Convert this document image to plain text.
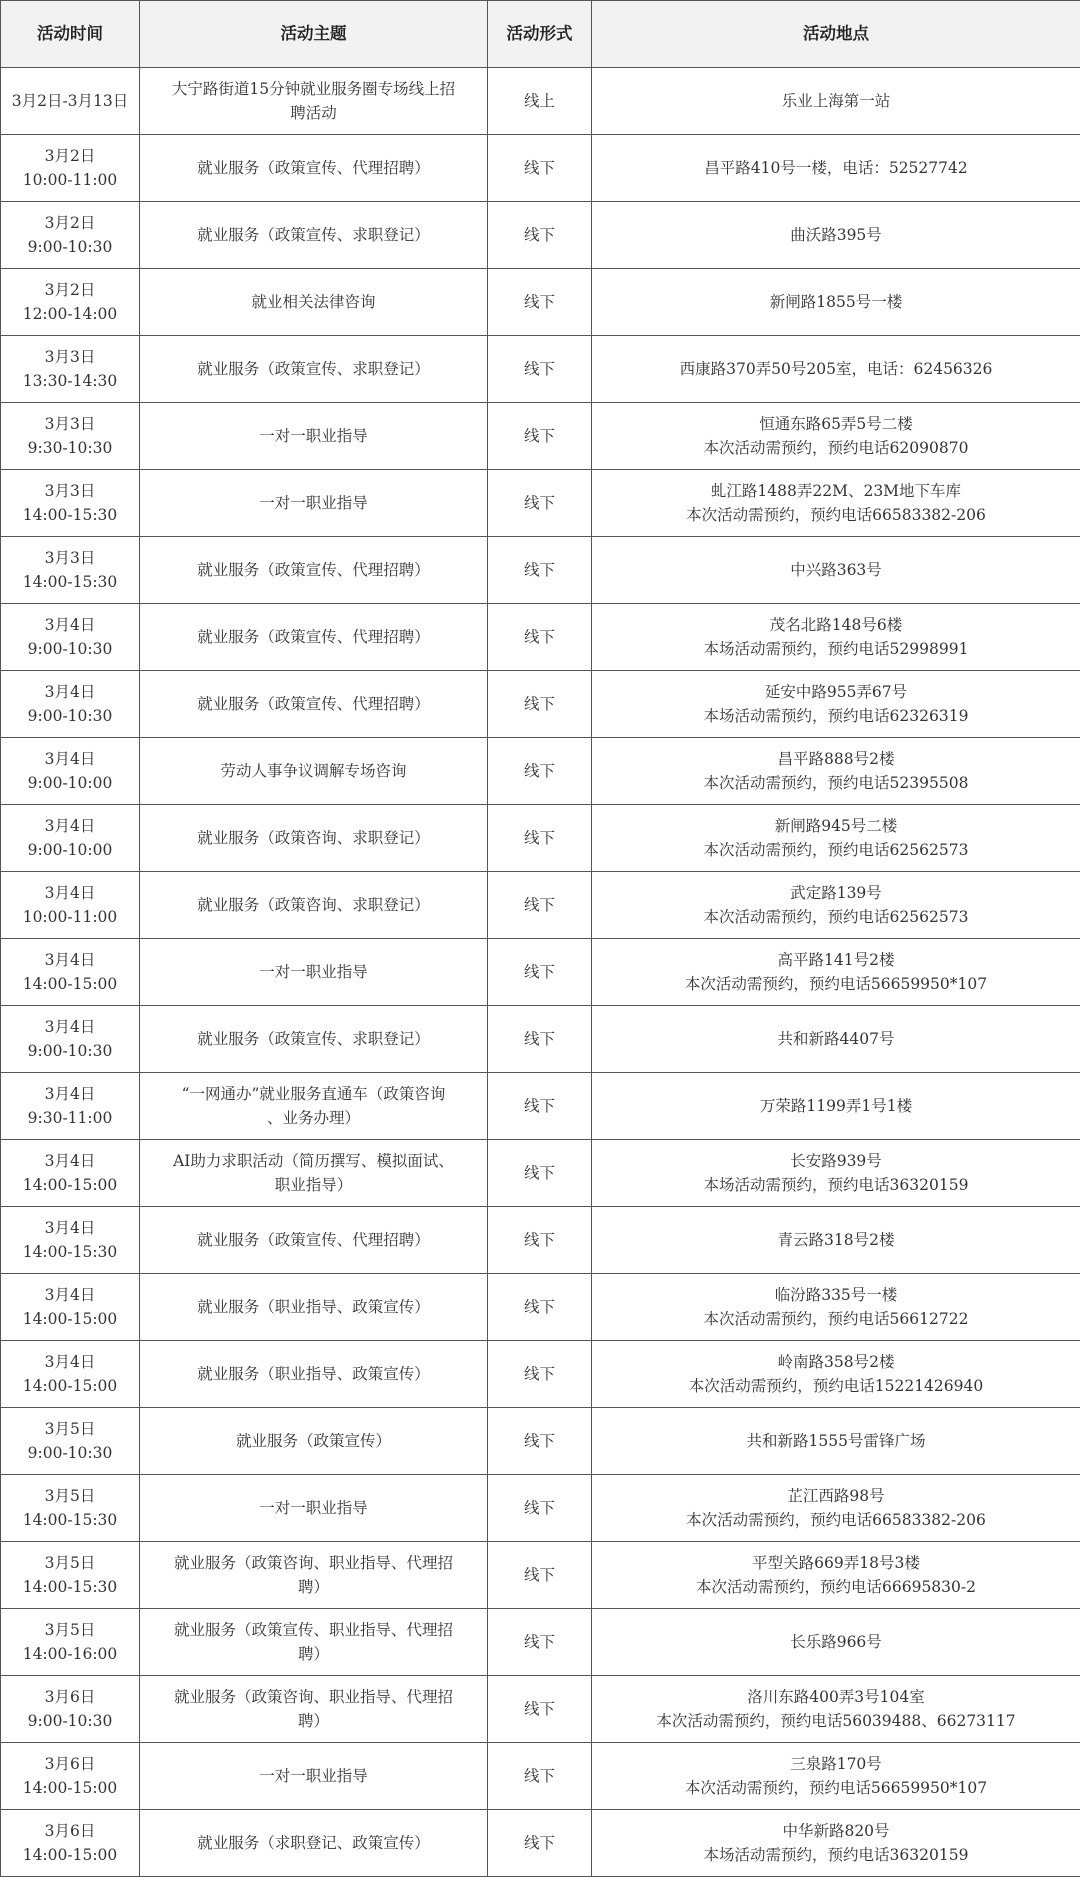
活动时间	活动主题	活动形式	活动地点

3月2日-3月13日	大宁路街道15分钟就业服务圈专场线上招
聘活动	线上	乐业上海第一站

3月2日
10:00-11:00	就业服务（政策宣传、代理招聘）	线下	昌平路410号一楼，电话：52527742

3月2日
9:00-10:30	就业服务（政策宣传、求职登记）	线下	曲沃路395号

3月2日
12:00-14:00	就业相关法律咨询	线下	新闸路1855号一楼

3月3日
13:30-14:30	就业服务（政策宣传、求职登记）	线下	西康路370弄50号205室，电话：62456326

3月3日
9:30-10:30	一对一职业指导	线下	恒通东路65弄5号二楼
本次活动需预约，预约电话62090870

3月3日
14:00-15:30	一对一职业指导	线下	虬江路1488弄22M、23M地下车库
本次活动需预约，预约电话66583382-206

3月3日
14:00-15:30	就业服务（政策宣传、代理招聘）	线下	中兴路363号

3月4日
9:00-10:30	就业服务（政策宣传、代理招聘）	线下	茂名北路148号6楼
本场活动需预约，预约电话52998991

3月4日
9:00-10:30	就业服务（政策宣传、代理招聘）	线下	延安中路955弄67号
本场活动需预约，预约电话62326319

3月4日
9:00-10:00	劳动人事争议调解专场咨询	线下	昌平路888号2楼
本次活动需预约，预约电话52395508

3月4日
9:00-10:00	就业服务（政策咨询、求职登记）	线下	新闸路945号二楼
本次活动需预约，预约电话62562573

3月4日
10:00-11:00	就业服务（政策咨询、求职登记）	线下	武定路139号
本次活动需预约，预约电话62562573

3月4日
14:00-15:00	一对一职业指导	线下	高平路141号2楼
本次活动需预约，预约电话56659950*107

3月4日
9:00-10:30	就业服务（政策宣传、求职登记）	线下	共和新路4407号

3月4日
9:30-11:00	“一网通办”就业服务直通车（政策咨询
、业务办理）	线下	万荣路1199弄1号1楼

3月4日
14:00-15:00	AI助力求职活动（简历撰写、模拟面试、
职业指导）	线下	长安路939号
本场活动需预约，预约电话36320159

3月4日
14:00-15:30	就业服务（政策宣传、代理招聘）	线下	青云路318号2楼

3月4日
14:00-15:00	就业服务（职业指导、政策宣传）	线下	临汾路335号一楼
本次活动需预约，预约电话56612722

3月4日
14:00-15:00	就业服务（职业指导、政策宣传）	线下	岭南路358号2楼
本次活动需预约，预约电话15221426940

3月5日
9:00-10:30	就业服务（政策宣传）	线下	共和新路1555号雷锋广场

3月5日
14:00-15:30	一对一职业指导	线下	芷江西路98号
本次活动需预约，预约电话66583382-206

3月5日
14:00-15:30	就业服务（政策咨询、职业指导、代理招
聘）	线下	平型关路669弄18号3楼
本次活动需预约，预约电话66695830-2

3月5日
14:00-16:00	就业服务（政策宣传、职业指导、代理招
聘）	线下	长乐路966号

3月6日
9:00-10:30	就业服务（政策咨询、职业指导、代理招
聘）	线下	洛川东路400弄3号104室
本次活动需预约，预约电话56039488、66273117

3月6日
14:00-15:00	一对一职业指导	线下	三泉路170号
本次活动需预约，预约电话56659950*107

3月6日
14:00-15:00	就业服务（求职登记、政策宣传）	线下	中华新路820号
本场活动需预约，预约电话36320159
